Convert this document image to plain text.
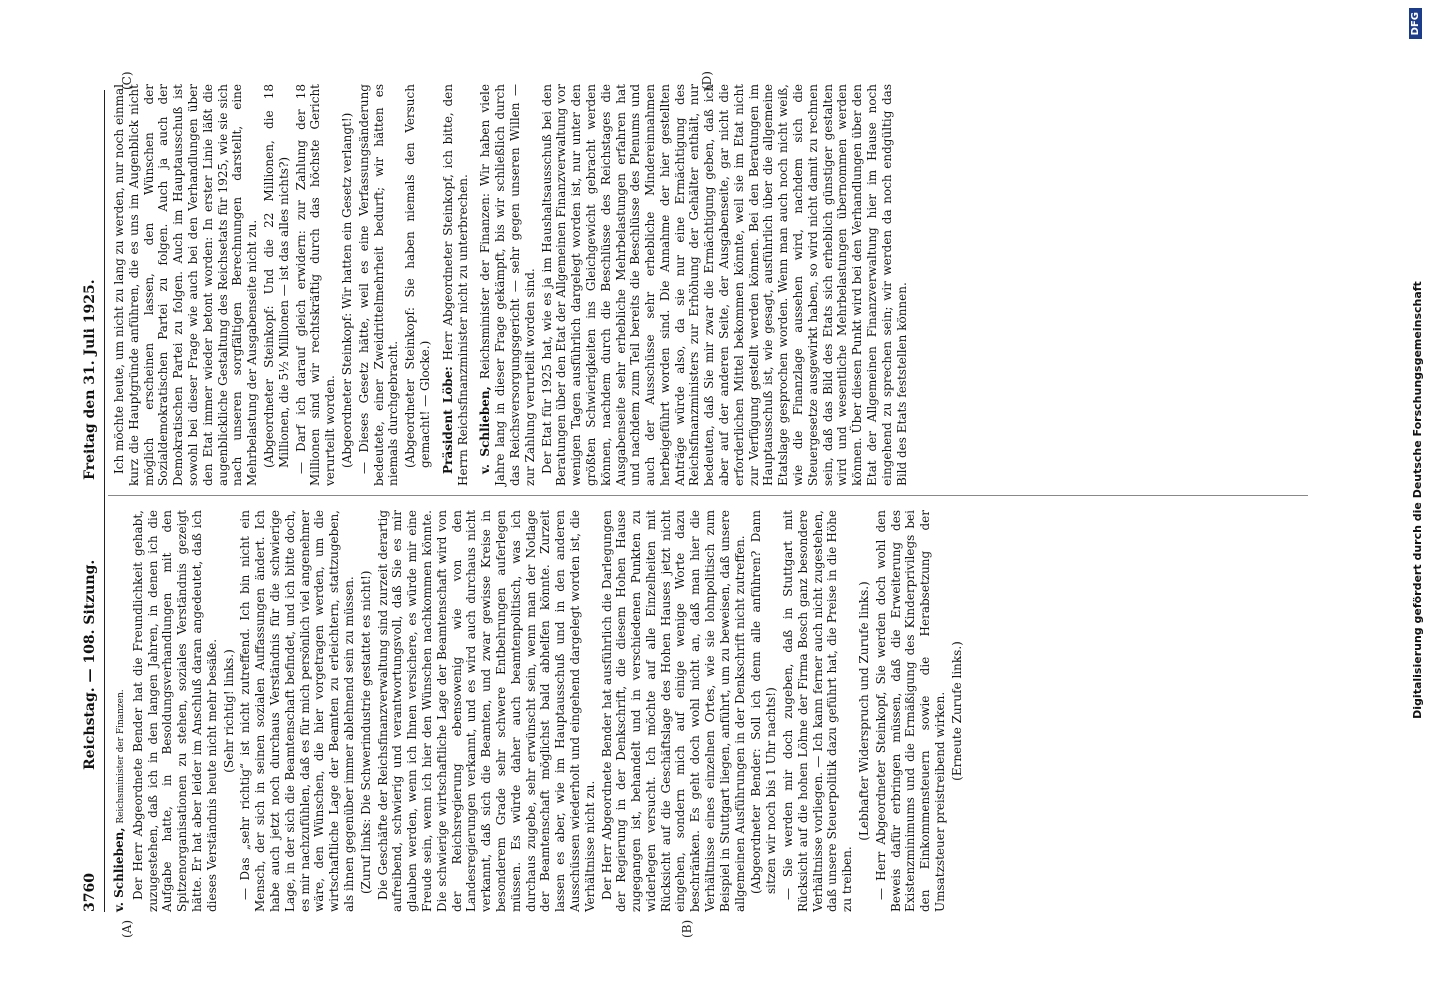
3760
Reichstag. — 108. Sitzung.
Freitag den 31. Juli 1925.
(A)	(B)
(C)	(D)

v. Schlieben, Reichsminister der Finanzen. Der Herr Abgeordnete Bender hat die Freundlichkeit gehabt, zuzugestehen, daß ich in den langen Jahren, in denen ich die Aufgabe hatte, in Besoldungsverhandlungen mit den Spitzenorganisationen zu stehen, soziales Verständnis gezeigt hätte. Er hat aber leider im Anschluß daran angedeutet, daß ich dieses Verständnis heute nicht mehr besäße. (Sehr richtig! links.) — Das „sehr richtig“ ist nicht zutreffend. Ich bin nicht ein Mensch, der sich in seinen sozialen Auffassungen ändert. Ich habe auch jetzt noch durchaus Verständnis für die schwierige Lage, in der sich die Beamtenschaft befindet, und ich bitte doch, es mir nachzufühlen, daß es für mich persönlich viel angenehmer wäre, den Wünschen, die hier vorgetragen werden, um die wirtschaftliche Lage der Beamten zu erleichtern, stattzugeben, als ihnen gegenüber immer ablehnend sein zu müssen. (Zuruf links: Die Schwerindustrie gestattet es nicht!) Die Geschäfte der Reichsfinanzverwaltung sind zurzeit derartig aufreibend, schwierig und verantwortungsvoll, daß Sie es mir glauben werden, wenn ich Ihnen versichere, es würde mir eine Freude sein, wenn ich hier den Wünschen nachkommen könnte. Die schwierige wirtschaftliche Lage der Beamtenschaft wird von der Reichsregierung ebensowenig wie von den Landesregierungen verkannt, und es wird auch durchaus nicht verkannt, daß sich die Beamten, und zwar gewisse Kreise in besonderem Grade sehr schwere Entbehrungen auferlegen müssen. Es würde daher auch beamtenpolitisch, was ich durchaus zugebe, sehr erwünscht sein, wenn man der Notlage der Beamtenschaft möglichst bald abhelfen könnte. Zurzeit lassen es aber, wie im Hauptausschuß und in den anderen Ausschüssen wiederholt und eingehend dargelegt worden ist, die Verhältnisse nicht zu. Der Herr Abgeordnete Bender hat ausführlich die Darlegungen der Regierung in der Denkschrift, die diesem Hohen Hause zugegangen ist, behandelt und in verschiedenen Punkten zu widerlegen versucht. Ich möchte auf alle Einzelheiten mit Rücksicht auf die Geschäftslage des Hohen Hauses jetzt nicht eingehen, sondern mich auf einige wenige Worte dazu beschränken. Es geht doch wohl nicht an, daß man hier die Verhältnisse eines einzelnen Ortes, wie sie lohnpolitisch zum Beispiel in Stuttgart liegen, anführt, um zu beweisen, daß unsere allgemeinen Ausführungen in der Denkschrift nicht zutreffen. (Abgeordneter Bender: Soll ich denn alle anführen? Dann sitzen wir noch bis 1 Uhr nachts!) — Sie werden mir doch zugeben, daß in Stuttgart mit Rücksicht auf die hohen Löhne der Firma Bosch ganz besondere Verhältnisse vorliegen. — Ich kann ferner auch nicht zugestehen, daß unsere Steuerpolitik dazu geführt hat, die Preise in die Höhe zu treiben.

(Lebhafter Widerspruch und Zurufe links.) — Herr Abgeordneter Steinkopf, Sie werden doch wohl den Beweis dafür erbringen müssen, daß die Erweiterung des Existenzminimums und die Ermäßigung des Kinderprivilegs bei den Einkommensteuern sowie die Herabsetzung der Umsatzsteuer preistreibend wirken. (Erneute Zurufe links.)

Ich möchte heute, um nicht zu lang zu werden, nur noch einmal kurz die Hauptgründe anführen, die es uns im Augenblick nicht möglich erscheinen lassen, den Wünschen der Sozialdemokratischen Partei zu folgen. Auch ja auch der Demokratischen Partei zu folgen. Auch im Hauptausschuß ist sowohl bei dieser Frage wie auch bei den Verhandlungen über den Etat immer wieder betont worden: In erster Linie läßt die augenblickliche Gestaltung des Reichsetats für 1925, wie sie sich nach unseren sorgfältigen Berechnungen darstellt, eine Mehrbelastung der Ausgabenseite nicht zu. (Abgeordneter Steinkopf: Und die 22 Millionen, die 18 Millionen, die 5½ Millionen — ist das alles nichts?) — Darf ich darauf gleich erwidern: zur Zahlung der 18 Millionen sind wir rechtskräftig durch das höchste Gericht verurteilt worden. (Abgeordneter Steinkopf: Wir hatten ein Gesetz verlangt!) — Dieses Gesetz hätte, weil es eine Verfassungsänderung bedeutete, einer Zweidrittelmehrheit bedurft; wir hätten es niemals durchgebracht. (Abgeordneter Steinkopf: Sie haben niemals den Versuch gemacht! — Glocke.) Präsident Löbe: Herr Abgeordneter Steinkopf, ich bitte, den Herrn Reichsfinanzminister nicht zu unterbrechen. v. Schlieben, Reichsminister der Finanzen: Wir haben viele Jahre lang in dieser Frage gekämpft, bis wir schließlich durch das Reichsversorgungsgericht — sehr gegen unseren Willen — zur Zahlung verurteilt worden sind. Der Etat für 1925 hat, wie es ja im Haushaltsausschuß bei den Beratungen über den Etat der Allgemeinen Finanzverwaltung vor wenigen Tagen ausführlich dargelegt worden ist, nur unter den größten Schwierigkeiten ins Gleichgewicht gebracht werden können, nachdem durch die Beschlüsse des Reichstages die Ausgabenseite sehr erhebliche Mehrbelastungen erfahren hat und nachdem zum Teil bereits die Beschlüsse des Plenums und auch der Ausschüsse sehr erhebliche Mindereinnahmen herbeigeführt worden sind. Die Annahme der hier gestellten Anträge würde also, da sie nur eine Ermächtigung des Reichsfinanzministers zur Erhöhung der Gehälter enthält, nur bedeuten, daß Sie mir zwar die Ermächtigung geben, daß ich aber auf der anderen Seite, der Ausgabenseite, gar nicht die erforderlichen Mittel bekommen könnte, weil sie im Etat nicht zur Verfügung gestellt werden können. Bei den Beratungen im Hauptausschuß ist, wie gesagt, ausführlich über die allgemeine Etatslage gesprochen worden. Wenn man auch noch nicht weiß, wie die Finanzlage aussehen wird, nachdem sich die Steuergesetze ausgewirkt haben, so wird nicht damit zu rechnen sein, daß das Bild des Etats sich erheblich günstiger gestalten wird und wesentliche Mehrbelastungen übernommen werden können. Über diesen Punkt wird bei den Verhandlungen über den Etat der Allgemeinen Finanzverwaltung hier im Hause noch eingehend zu sprechen sein; wir werden da noch endgültig das Bild des Etats feststellen können.	Digitalisierung gefördert durch die Deutsche Forschungsgemeinschaft
DFG
